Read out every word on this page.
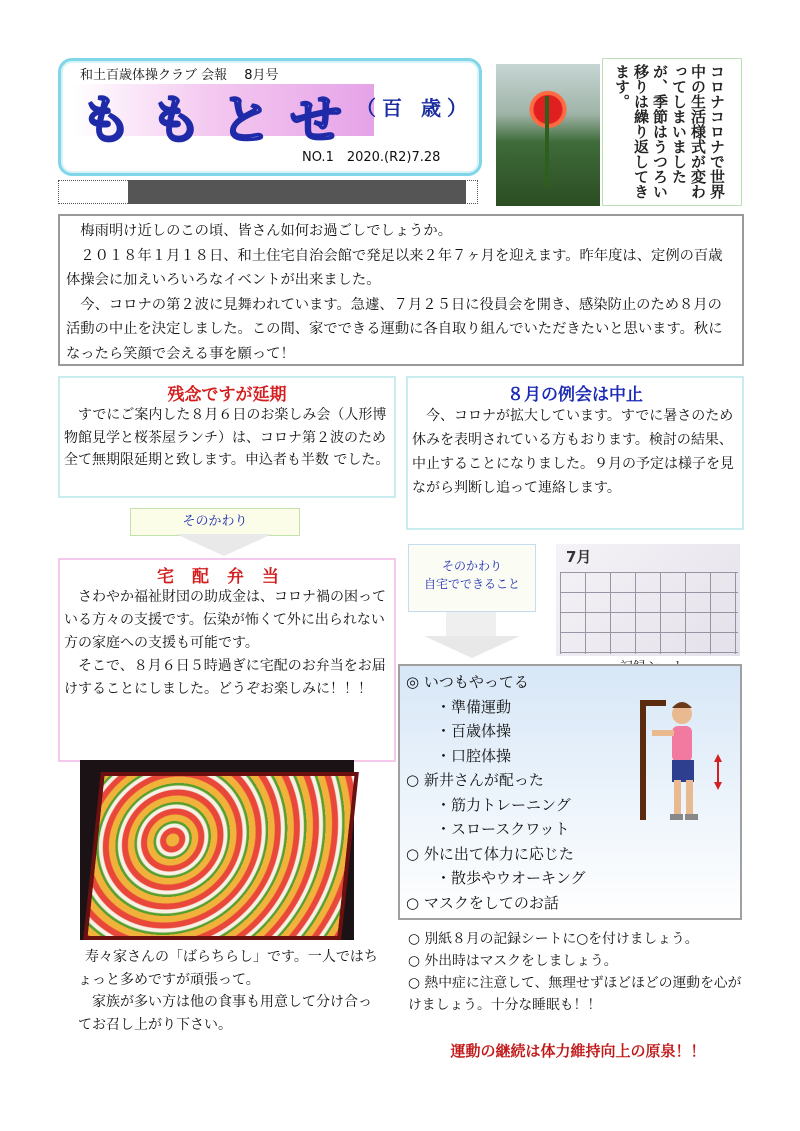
和土百歳体操クラブ 会報　 8月号
ももとせ
（百 歳）
NO.1　2020.(R2)7.28	コロナコロナで世界中の生活様式が変わってしまいましたが、季節はうつろい移りは繰り返してきます。

梅雨明け近しのこの頃、皆さん如何お過ごしでしょうか。

２０１８年１月１８日、和土住宅自治会館で発足以来２年７ヶ月を迎えます。昨年度は、定例の百歳体操会に加えいろいろなイベントが出来ました。

今、コロナの第２波に見舞われています。急遽、７月２５日に役員会を開き、感染防止のため８月の活動の中止を決定しました。この間、家でできる運動に各自取り組んでいただきたいと思います。秋になったら笑顔で会える事を願って！

残念ですが延期

　すでにご案内した８月６日のお楽しみ会（人形博物館見学と桜茶屋ランチ）は、コロナ第２波のため全て無期限延期と致します。申込者も半数 でした。

８月の例会は中止

　今、コロナが拡大しています。すでに暑さのため休みを表明されている方もおります。検討の結果、中止することになりました。９月の予定は様子を見ながら判断し追って連絡します。

そのかわり
宅配弁当

さわやか福祉財団の助成金は、コロナ禍の困っている方々の支援です。伝染が怖くて外に出られない方の家庭への支援も可能です。

そこで、８月６日５時過ぎに宅配のお弁当をお届けすることにしました。どうぞお楽しみに！！！

寿々家さんの「ばらちらし」です。一人ではちょっと多めですが頑張って。

家族が多い方は他の食事も用意して分け合ってお召し上がり下さい。

そのかわり
自宅でできること
7月

◎ いつもやってる

・準備運動

・百歳体操

・口腔体操

○ 新井さんが配った

・筋力トレーニング

・スロースクワット

○ 外に出て体力に応じた

・散歩やウオーキング

○ マスクをしてのお話

○ 別紙８月の記録シートに○を付けましょう。

○ 外出時はマスクをしましょう。

○ 熱中症に注意して、無理せずほどほどの運動を心がけましょう。十分な睡眠も！！

運動の継続は体力維持向上の原泉！！
